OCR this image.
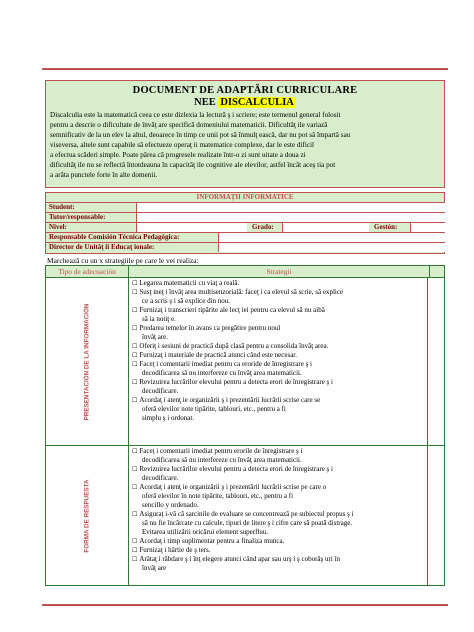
DOCUMENT DE ADAPTĂRI CURRICULARE
NEE DISCALCULIA
Discalculia este la matematică ceea ce este dizlexia la lectură ş i scriere; este termenul general folosit
pentru a descrie o dificultate de învăţ are specifică domeniului matematicii. Dificultăţ ile variază
semnificativ de la un elev la altul, deoarece în timp ce unii pot să înmulţ ească, dar nu pot să împartă sau
viseversa, altele sunt capabile să efectueze operaţ ii matematice complexe, dar le este dificil
a efectua scăderi simple. Poate părea că progresele realizate într-o zi sunt uitate a doua zi
dificultăţ ile nu se reflectă întotdeauna în capacităţ ile cognitive ale elevilor, astfel încât aceş tia pot
a arăta punctele forte în alte domenii.
INFORMAŢII INFORMATICE
Student:
Tutor/responsable:
Nivel:	Grado:	Gestón:
Responsable Comisión Técnica Pedagógica:
Director de Unităţ ii Educaţ ionale:
Marchează cu un x strategiile pe care le vei realiza:
Tipo de adecuación	Strategii
PRESENTACIÓN DE LA INFORMACIÓN
☐ Legarea matematicii cu viaţ a reală.
☐ Susţ ineţ i învăţ area multisenzorială: faceţ i ca elevul să scrie, să explice
ce a scris ş i să explice din nou.
☐ Furnizaţ i transcrieri tipărite ale lecţ iei pentru ca elevul să nu aibă
să ia notiţ e.
☐ Predarea temelor în avans ca pregătire pentru noul
învăţ are.
☐ Oferiţ i sesiuni de practică după clasă pentru a consolida învăţ area.
☐ Furnizaţ i materiale de practică atunci când este necesar.
☐ Faceţ i comentarii imediat pentru ca eroride de înregistrare ş i
decodificarea să nu interfereze cu învăţ area matematicii.
☐ Revizuirea lucrărilor elevului pentru a detecta erori de înregistrare ş i
decodificare.
☐ Acordaţ i atenţ ie organizării ş i prezentării lucrării scrise care se
oferă elevilor note tipărite, tablouri, etc., pentru a fi
simplu ş i ordonat.
FORMA DE RESPUESTA
☐ Faceţ i comentarii imediat pentru erorile de înregistrare ş i
decodificarea să nu interfereze cu învăţ area matematicii.
☐ Revizuirea lucrărilor elevului pentru a detecta erori de înregistrare ş i
decodificare.
☐ Acordaţ i atenţ ie organizării ş i prezentării lucrării scrise pe care o
oferă elevilor în note tipărite, tablouri, etc., pentru a fi
sencillo y ordenado.
☐ Asiguraţ i-vă că sarcinile de evaluare se concentrează pe subiectul propus ş i
să nu fie încărcate cu calcule, tipuri de litere ş i cifre care să poată distrage.
Evitarea utilizării oricărui element superfluu.
☐ Acordaţ i timp suplimentar pentru a finaliza munca.
☐ Furnizaţ i hârtie de ş ters.
☐ Arătaţ i răbdare ş i înţ elegere atunci când apar sau urş i ş coborâş uri în
învăţ are
